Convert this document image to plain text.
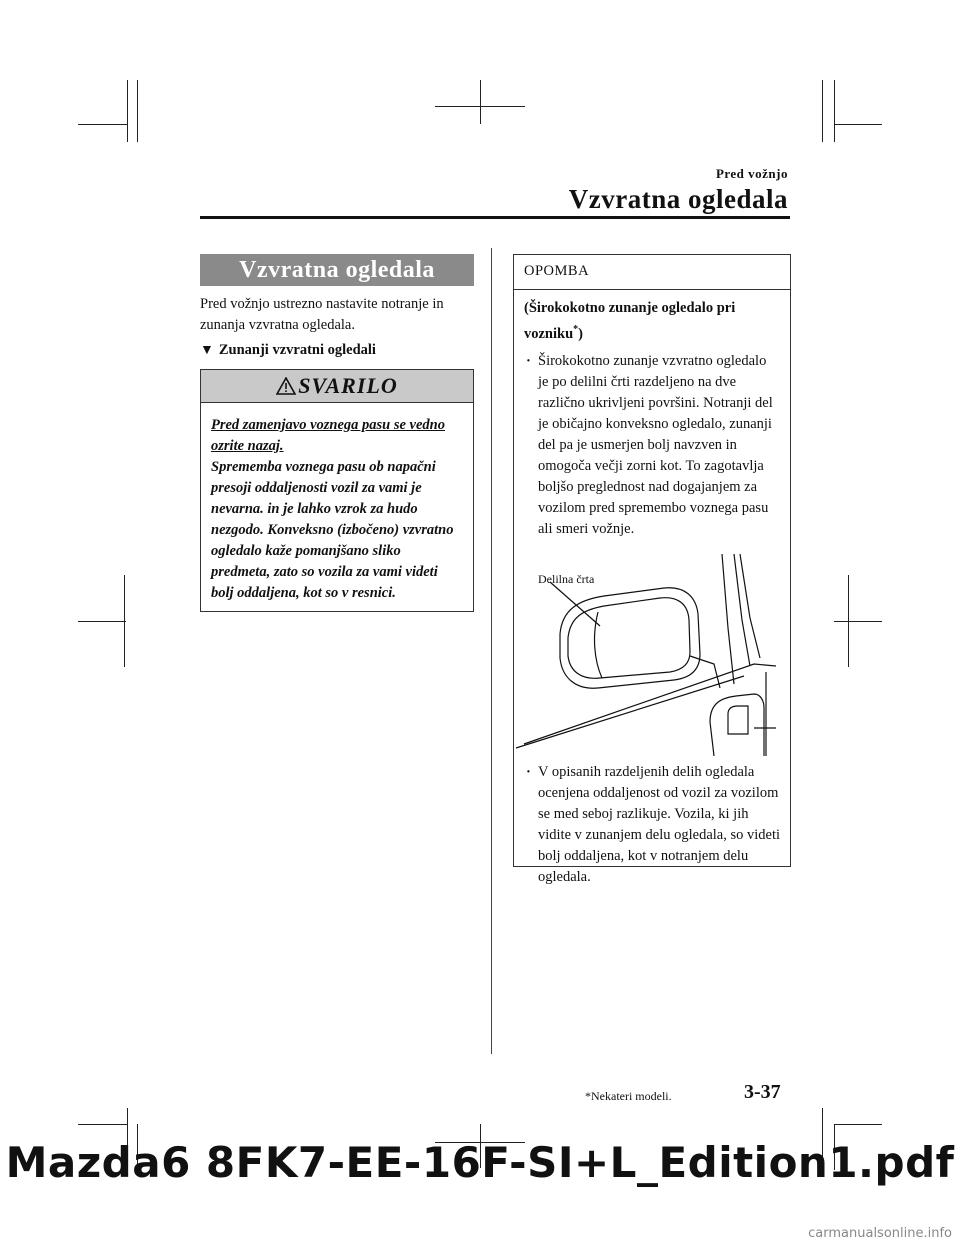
Pred vožnjo
Vzvratna ogledala
Vzvratna ogledala
Pred vožnjo ustrezno nastavite notranje in zunanja vzvratna ogledala.
▼ Zunanji vzvratni ogledali
SVARILO
Pred zamenjavo voznega pasu se vedno ozrite nazaj.
Sprememba voznega pasu ob napačni presoji oddaljenosti vozil za vami je nevarna. in je lahko vzrok za hudo nezgodo. Konveksno (izbočeno) vzvratno ogledalo kaže pomanjšano sliko predmeta, zato so vozila za vami videti bolj oddaljena, kot so v resnici.
OPOMBA
(Širokokotno zunanje ogledalo pri vozniku*)
· Širokokotno zunanje vzvratno ogledalo je po delilni črti razdeljeno na dve različno ukrivljeni površini. Notranji del je običajno konveksno ogledalo, zunanji del pa je usmerjen bolj navzven in omogoča večji zorni kot. To zagotavlja boljšo preglednost nad dogajanjem za vozilom pred spremembo voznega pasu ali smeri vožnje.
Delilna črta
· V opisanih razdeljenih delih ogledala ocenjena oddaljenost od vozil za vozilom se med seboj razlikuje. Vozila, ki jih vidite v zunanjem delu ogledala, so videti bolj oddaljena, kot v notranjem delu ogledala.
*Nekateri modeli.	3-37
Mazda6 8FK7-EE-16F-SI+L_Edition1.pdf
carmanualsonline.info
